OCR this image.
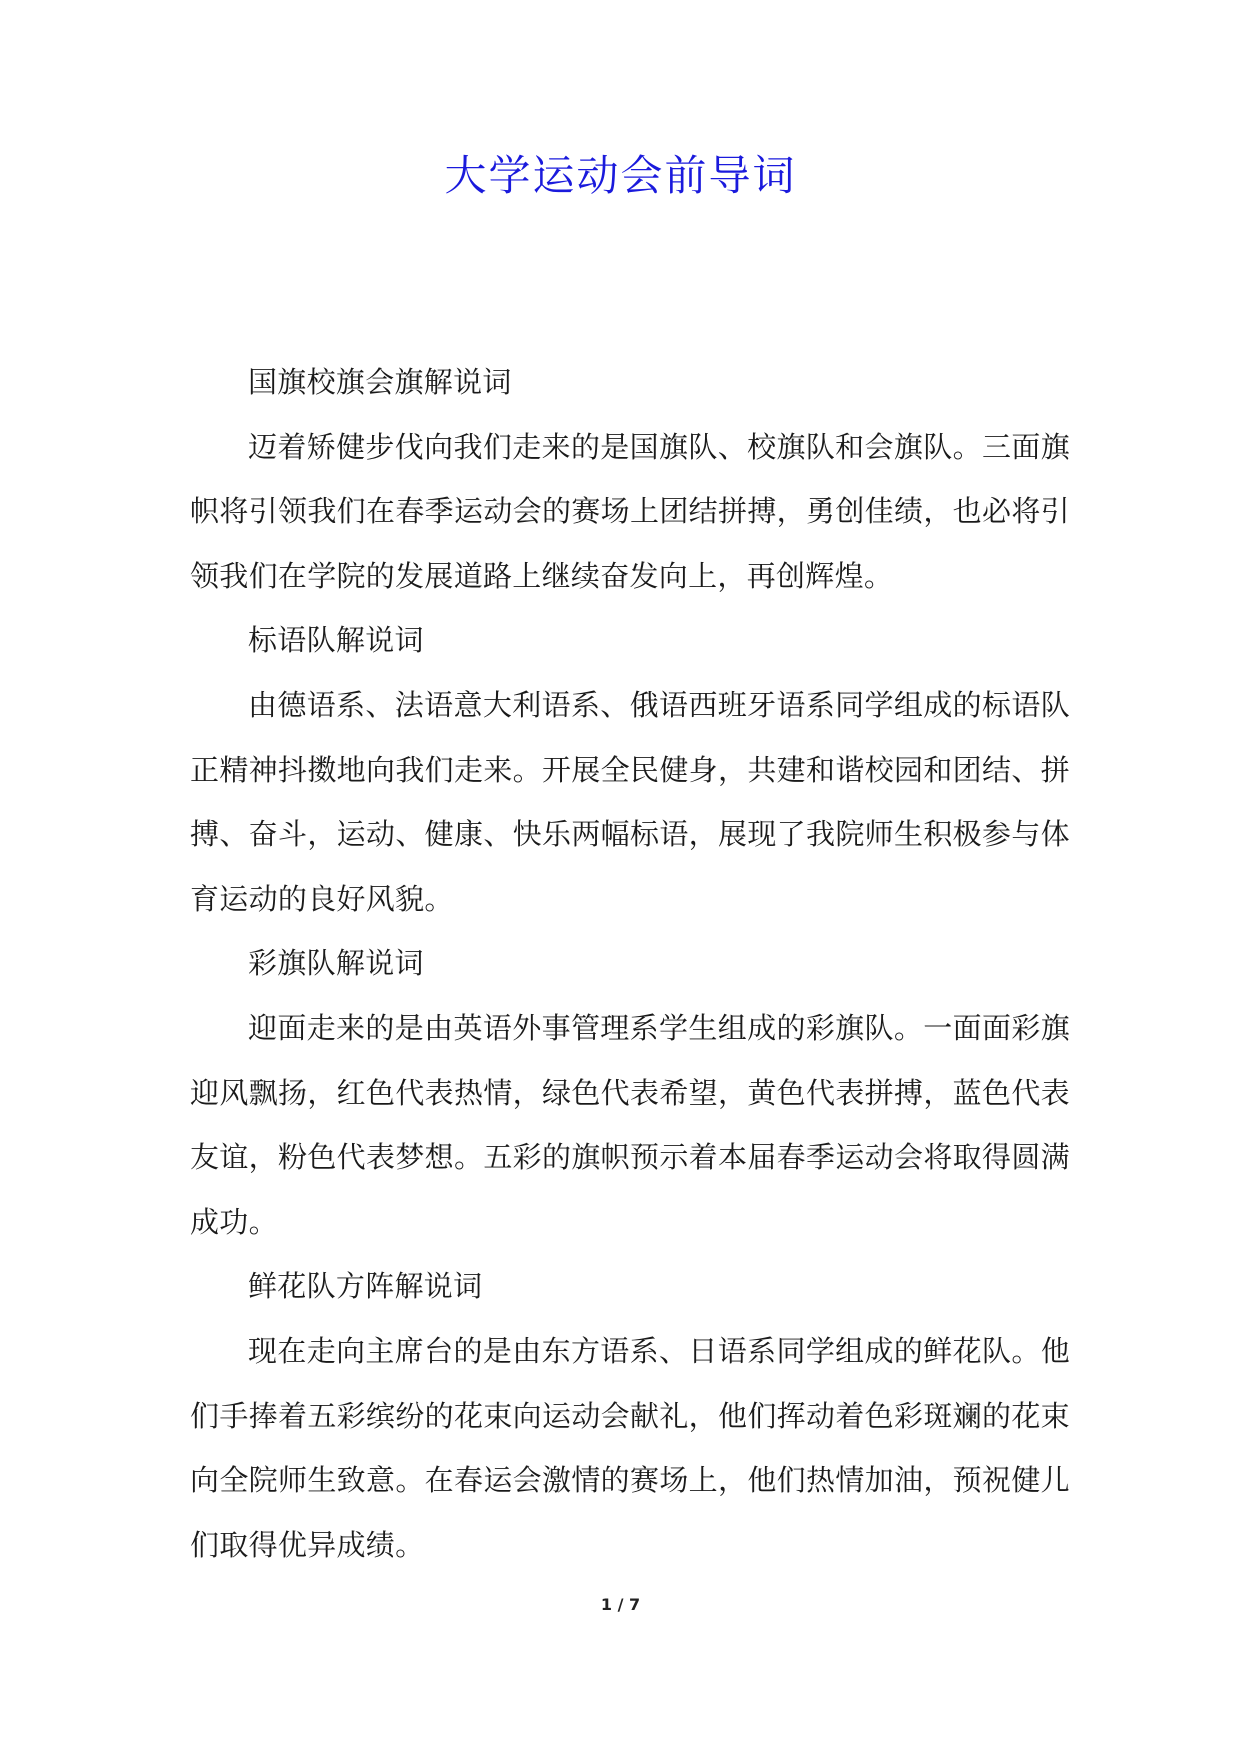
大学运动会前导词

国旗校旗会旗解说词

迈着矫健步伐向我们走来的是国旗队、校旗队和会旗队。三面旗帜将引领我们在春季运动会的赛场上团结拼搏，勇创佳绩，也必将引领我们在学院的发展道路上继续奋发向上，再创辉煌。

标语队解说词

由德语系、法语意大利语系、俄语西班牙语系同学组成的标语队正精神抖擞地向我们走来。开展全民健身，共建和谐校园和团结、拼搏、奋斗，运动、健康、快乐两幅标语，展现了我院师生积极参与体育运动的良好风貌。

彩旗队解说词

迎面走来的是由英语外事管理系学生组成的彩旗队。一面面彩旗迎风飘扬，红色代表热情，绿色代表希望，黄色代表拼搏，蓝色代表友谊，粉色代表梦想。五彩的旗帜预示着本届春季运动会将取得圆满成功。

鲜花队方阵解说词

现在走向主席台的是由东方语系、日语系同学组成的鲜花队。他们手捧着五彩缤纷的花束向运动会献礼，他们挥动着色彩斑斓的花束向全院师生致意。在春运会激情的赛场上，他们热情加油，预祝健儿们取得优异成绩。

1 / 7
